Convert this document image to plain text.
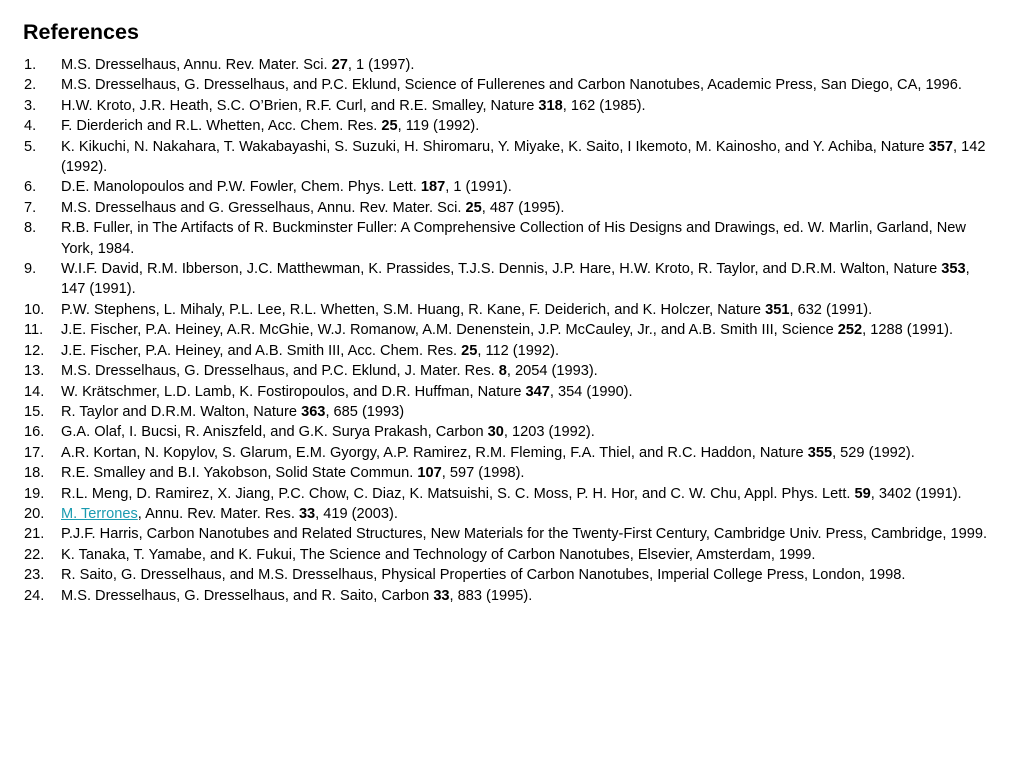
References
1.	M.S. Dresselhaus, Annu. Rev. Mater. Sci. 27, 1 (1997).
2.	M.S. Dresselhaus, G. Dresselhaus, and P.C. Eklund, Science of Fullerenes and Carbon Nanotubes, Academic Press, San Diego, CA, 1996.
3.	H.W. Kroto, J.R. Heath, S.C. O’Brien, R.F. Curl, and R.E. Smalley, Nature 318, 162 (1985).
4.	F. Dierderich and R.L. Whetten, Acc. Chem. Res. 25, 119 (1992).
5.	K. Kikuchi, N. Nakahara, T. Wakabayashi, S. Suzuki, H. Shiromaru, Y. Miyake, K. Saito, I Ikemoto, M. Kainosho, and Y. Achiba, Nature 357, 142 (1992).
6.	D.E. Manolopoulos and P.W. Fowler, Chem. Phys. Lett. 187, 1 (1991).
7.	M.S. Dresselhaus and G. Gresselhaus, Annu. Rev. Mater. Sci. 25, 487 (1995).
8.	R.B. Fuller, in The Artifacts of R. Buckminster Fuller: A Comprehensive Collection of His Designs and Drawings, ed. W. Marlin, Garland, New York, 1984.
9.	W.I.F. David, R.M. Ibberson, J.C. Matthewman, K. Prassides, T.J.S. Dennis, J.P. Hare, H.W. Kroto, R. Taylor, and D.R.M. Walton, Nature 353, 147 (1991).
10.	P.W. Stephens, L. Mihaly, P.L. Lee, R.L. Whetten, S.M. Huang, R. Kane, F. Deiderich, and K. Holczer, Nature 351, 632 (1991).
11.	J.E. Fischer, P.A. Heiney, A.R. McGhie, W.J. Romanow, A.M. Denenstein, J.P. McCauley, Jr., and A.B. Smith III, Science 252, 1288 (1991).
12.	J.E. Fischer, P.A. Heiney, and A.B. Smith III, Acc. Chem. Res. 25, 112 (1992).
13.	M.S. Dresselhaus, G. Dresselhaus, and P.C. Eklund, J. Mater. Res. 8, 2054 (1993).
14.	W. Krätschmer, L.D. Lamb, K. Fostiropoulos, and D.R. Huffman, Nature 347, 354 (1990).
15.	R. Taylor and D.R.M. Walton, Nature 363, 685 (1993)
16.	G.A. Olaf, I. Bucsi, R. Aniszfeld, and G.K. Surya Prakash, Carbon 30, 1203 (1992).
17.	A.R. Kortan, N. Kopylov, S. Glarum, E.M. Gyorgy, A.P. Ramirez, R.M. Fleming, F.A. Thiel, and R.C. Haddon, Nature 355, 529 (1992).
18.	R.E. Smalley and B.I. Yakobson, Solid State Commun. 107, 597 (1998).
19.	R.L. Meng, D. Ramirez, X. Jiang, P.C. Chow, C. Diaz, K. Matsuishi, S. C. Moss, P. H. Hor, and C. W. Chu, Appl. Phys. Lett. 59, 3402 (1991).
20.	M. Terrones, Annu. Rev. Mater. Res. 33, 419 (2003).
21.	P.J.F. Harris, Carbon Nanotubes and Related Structures, New Materials for the Twenty-First Century, Cambridge Univ. Press, Cambridge, 1999.
22.	K. Tanaka, T. Yamabe, and K. Fukui, The Science and Technology of Carbon Nanotubes, Elsevier, Amsterdam, 1999.
23.	R. Saito, G. Dresselhaus, and M.S. Dresselhaus, Physical Properties of Carbon Nanotubes, Imperial College Press, London, 1998.
24.	M.S. Dresselhaus, G. Dresselhaus, and R. Saito, Carbon 33, 883 (1995).
